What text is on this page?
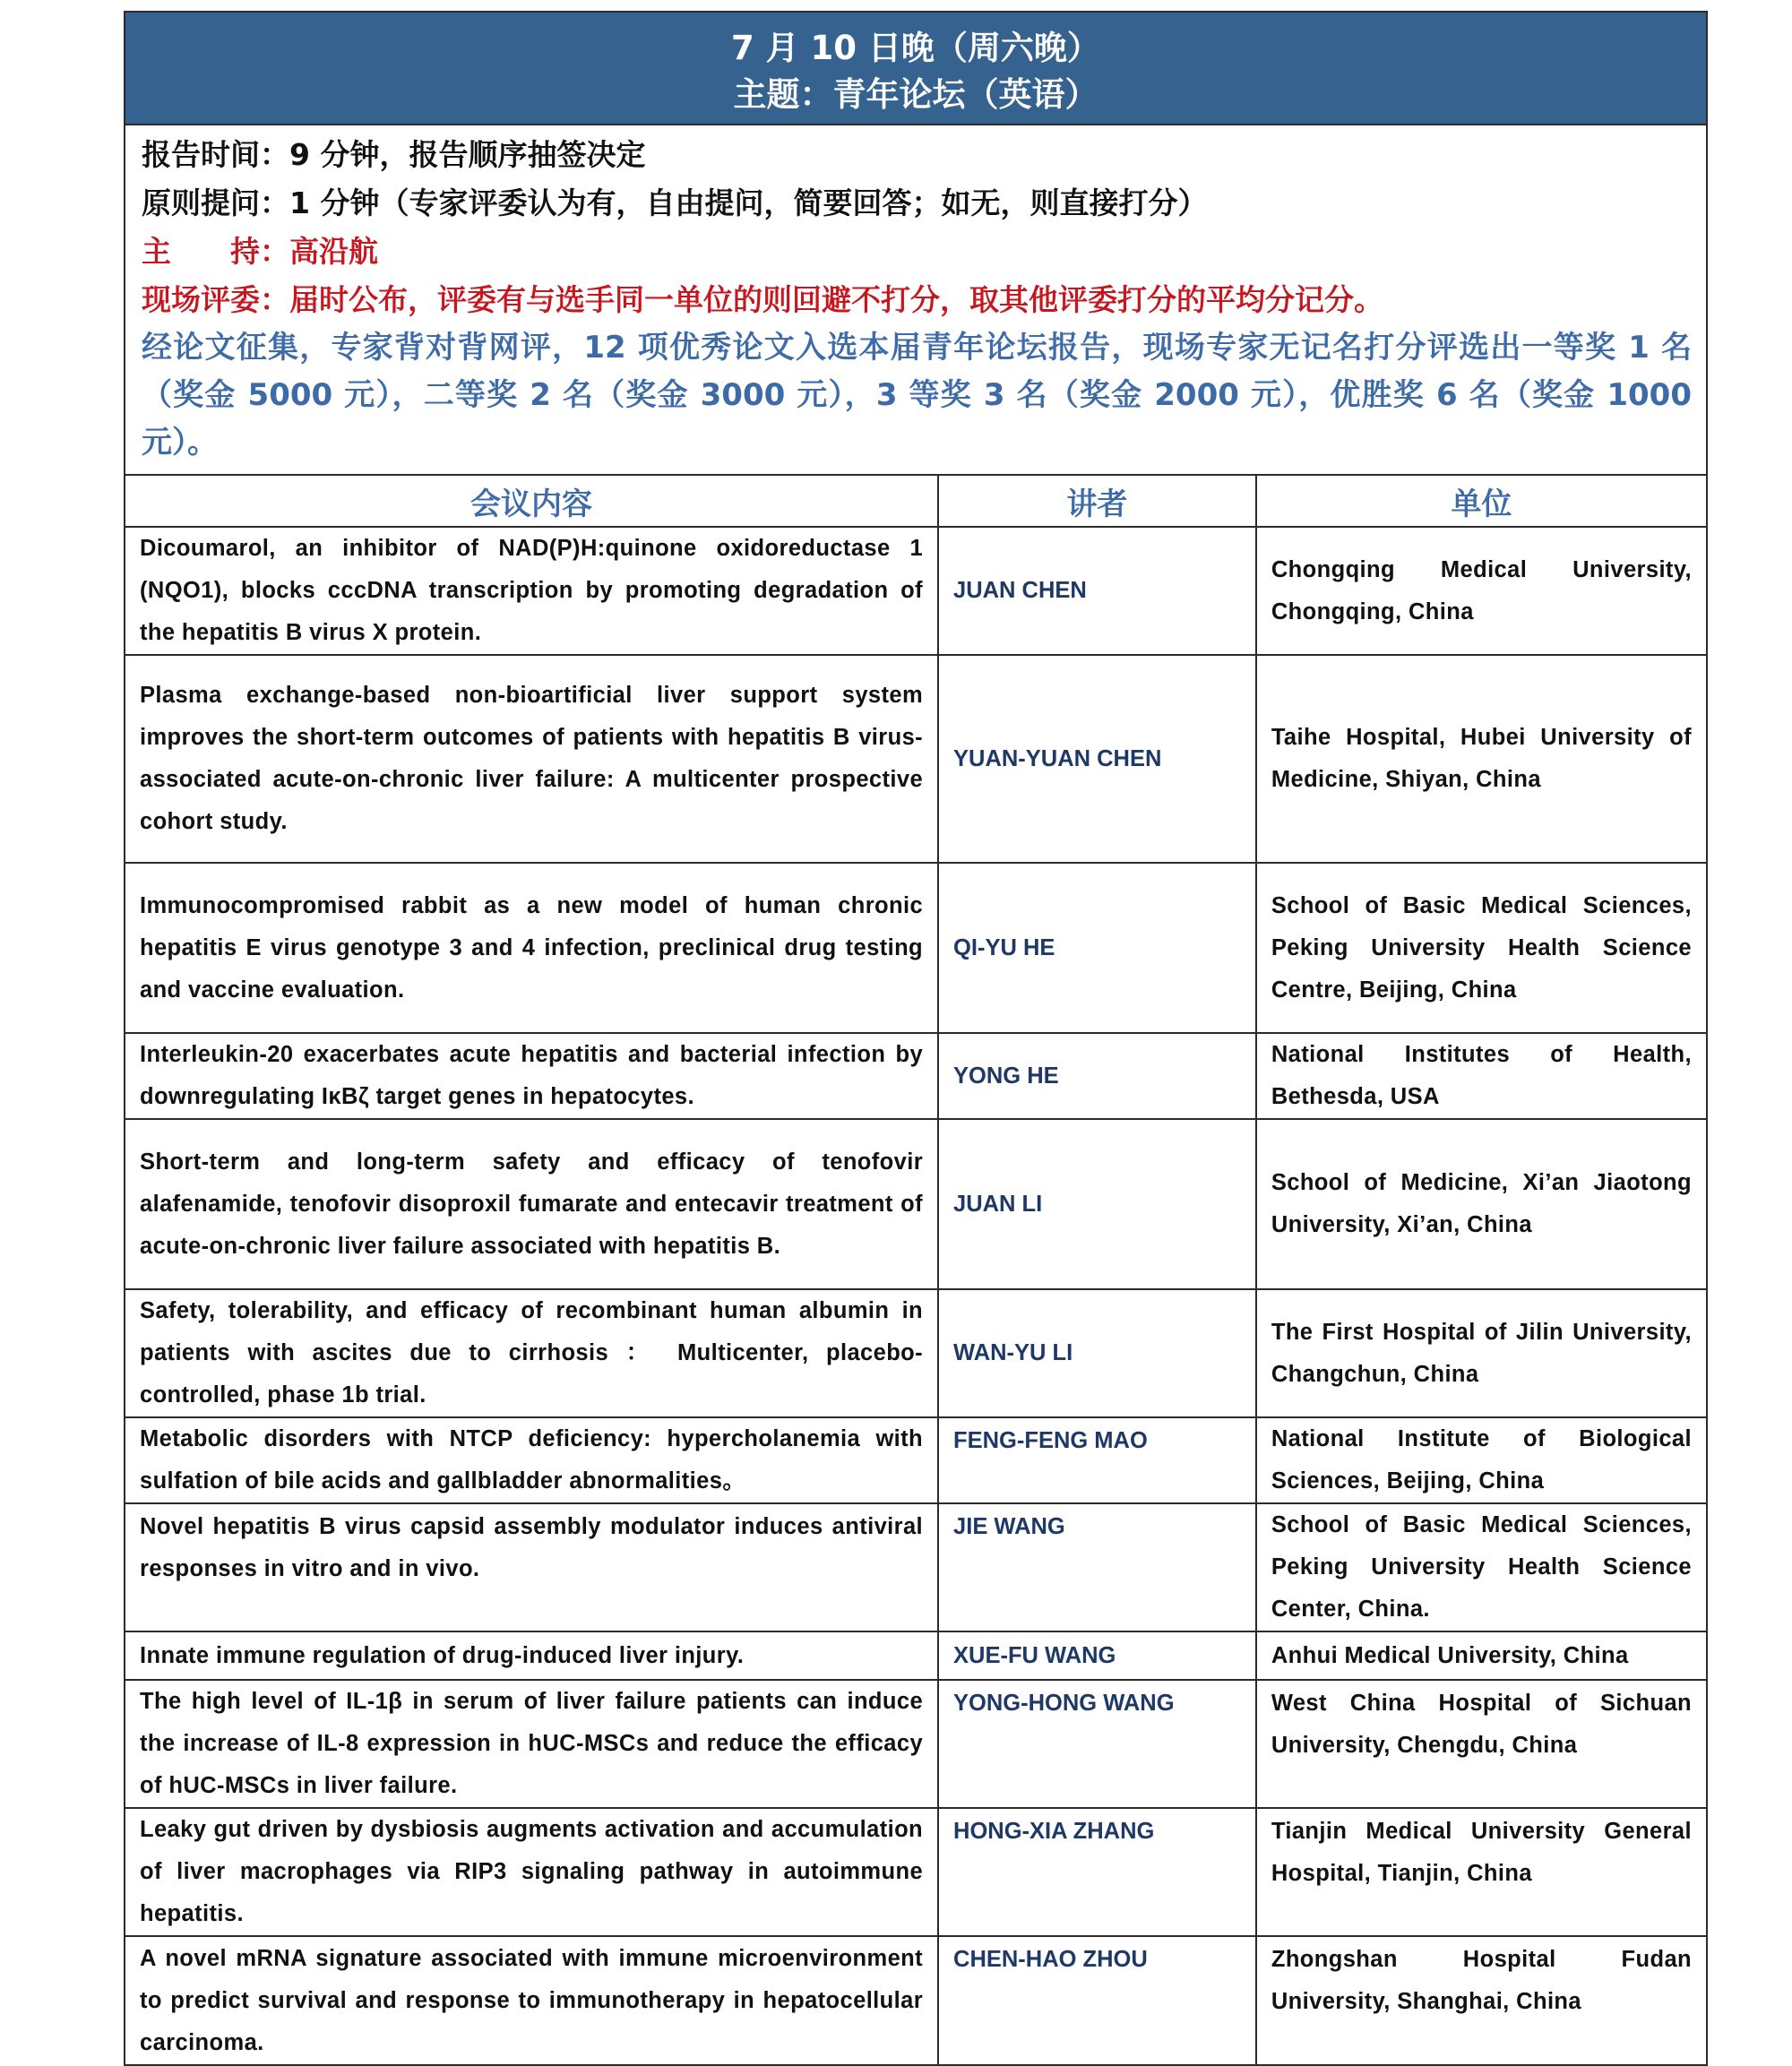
7 月 10 日晚（周六晚）
主题：青年论坛（英语）
报告时间：9 分钟，报告顺序抽签决定
原则提问：1 分钟（专家评委认为有，自由提问，简要回答；如无，则直接打分）
主　　持：高沿航
现场评委：届时公布，评委有与选手同一单位的则回避不打分，取其他评委打分的平均分记分。
经论文征集，专家背对背网评，12 项优秀论文入选本届青年论坛报告，现场专家无记名打分评选出一等奖 1 名（奖金 5000 元），二等奖 2 名（奖金 3000 元），3 等奖 3 名（奖金 2000 元），优胜奖 6 名（奖金 1000 元）。
会议内容	讲者	单位
Dicoumarol, an inhibitor of NAD(P)H:quinone oxidoreductase 1 (NQO1), blocks cccDNA transcription by promoting degradation of the hepatitis B virus X protein.	JUAN CHEN	Chongqing Medical University, Chongqing, China
Plasma exchange-based non-bioartificial liver support system improves the short-term outcomes of patients with hepatitis B virus-associated acute-on-chronic liver failure: A multicenter prospective cohort study.	YUAN-YUAN CHEN	Taihe Hospital, Hubei University of Medicine, Shiyan, China
Immunocompromised rabbit as a new model of human chronic hepatitis E virus genotype 3 and 4 infection, preclinical drug testing and vaccine evaluation.	QI-YU HE	School of Basic Medical Sciences, Peking University Health Science Centre, Beijing, China
Interleukin-20 exacerbates acute hepatitis and bacterial infection by downregulating IκBζ target genes in hepatocytes.	YONG HE	National Institutes of Health, Bethesda, USA
Short-term and long-term safety and efficacy of tenofovir alafenamide, tenofovir disoproxil fumarate and entecavir treatment of acute‐on‐chronic liver failure associated with hepatitis B.	JUAN LI	School of Medicine, Xi’an Jiaotong University, Xi’an, China
Safety, tolerability, and efficacy of recombinant human albumin in patients with ascites due to cirrhosis ： Multicenter, placebo-controlled, phase 1b trial.	WAN-YU LI	The First Hospital of Jilin University, Changchun, China
Metabolic disorders with NTCP deficiency: hypercholanemia with sulfation of bile acids and gallbladder abnormalities。	FENG-FENG MAO	National Institute of Biological Sciences, Beijing, China
Novel hepatitis B virus capsid assembly modulator induces antiviral responses in vitro and in vivo.	JIE WANG	School of Basic Medical Sciences, Peking University Health Science Center, China.
Innate immune regulation of drug-induced liver injury.	XUE-FU WANG	Anhui Medical University, China
The high level of IL-1β in serum of liver failure patients can induce the increase of IL-8 expression in hUC-MSCs and reduce the efficacy of hUC-MSCs in liver failure.	YONG-HONG WANG	West China Hospital of Sichuan University, Chengdu, China
Leaky gut driven by dysbiosis augments activation and accumulation of liver macrophages via RIP3 signaling pathway in autoimmune hepatitis.	HONG-XIA ZHANG	Tianjin Medical University General Hospital, Tianjin, China
A novel mRNA signature associated with immune microenvironment to predict survival and response to immunotherapy in hepatocellular carcinoma.	CHEN-HAO ZHOU	Zhongshan Hospital Fudan University, Shanghai, China
